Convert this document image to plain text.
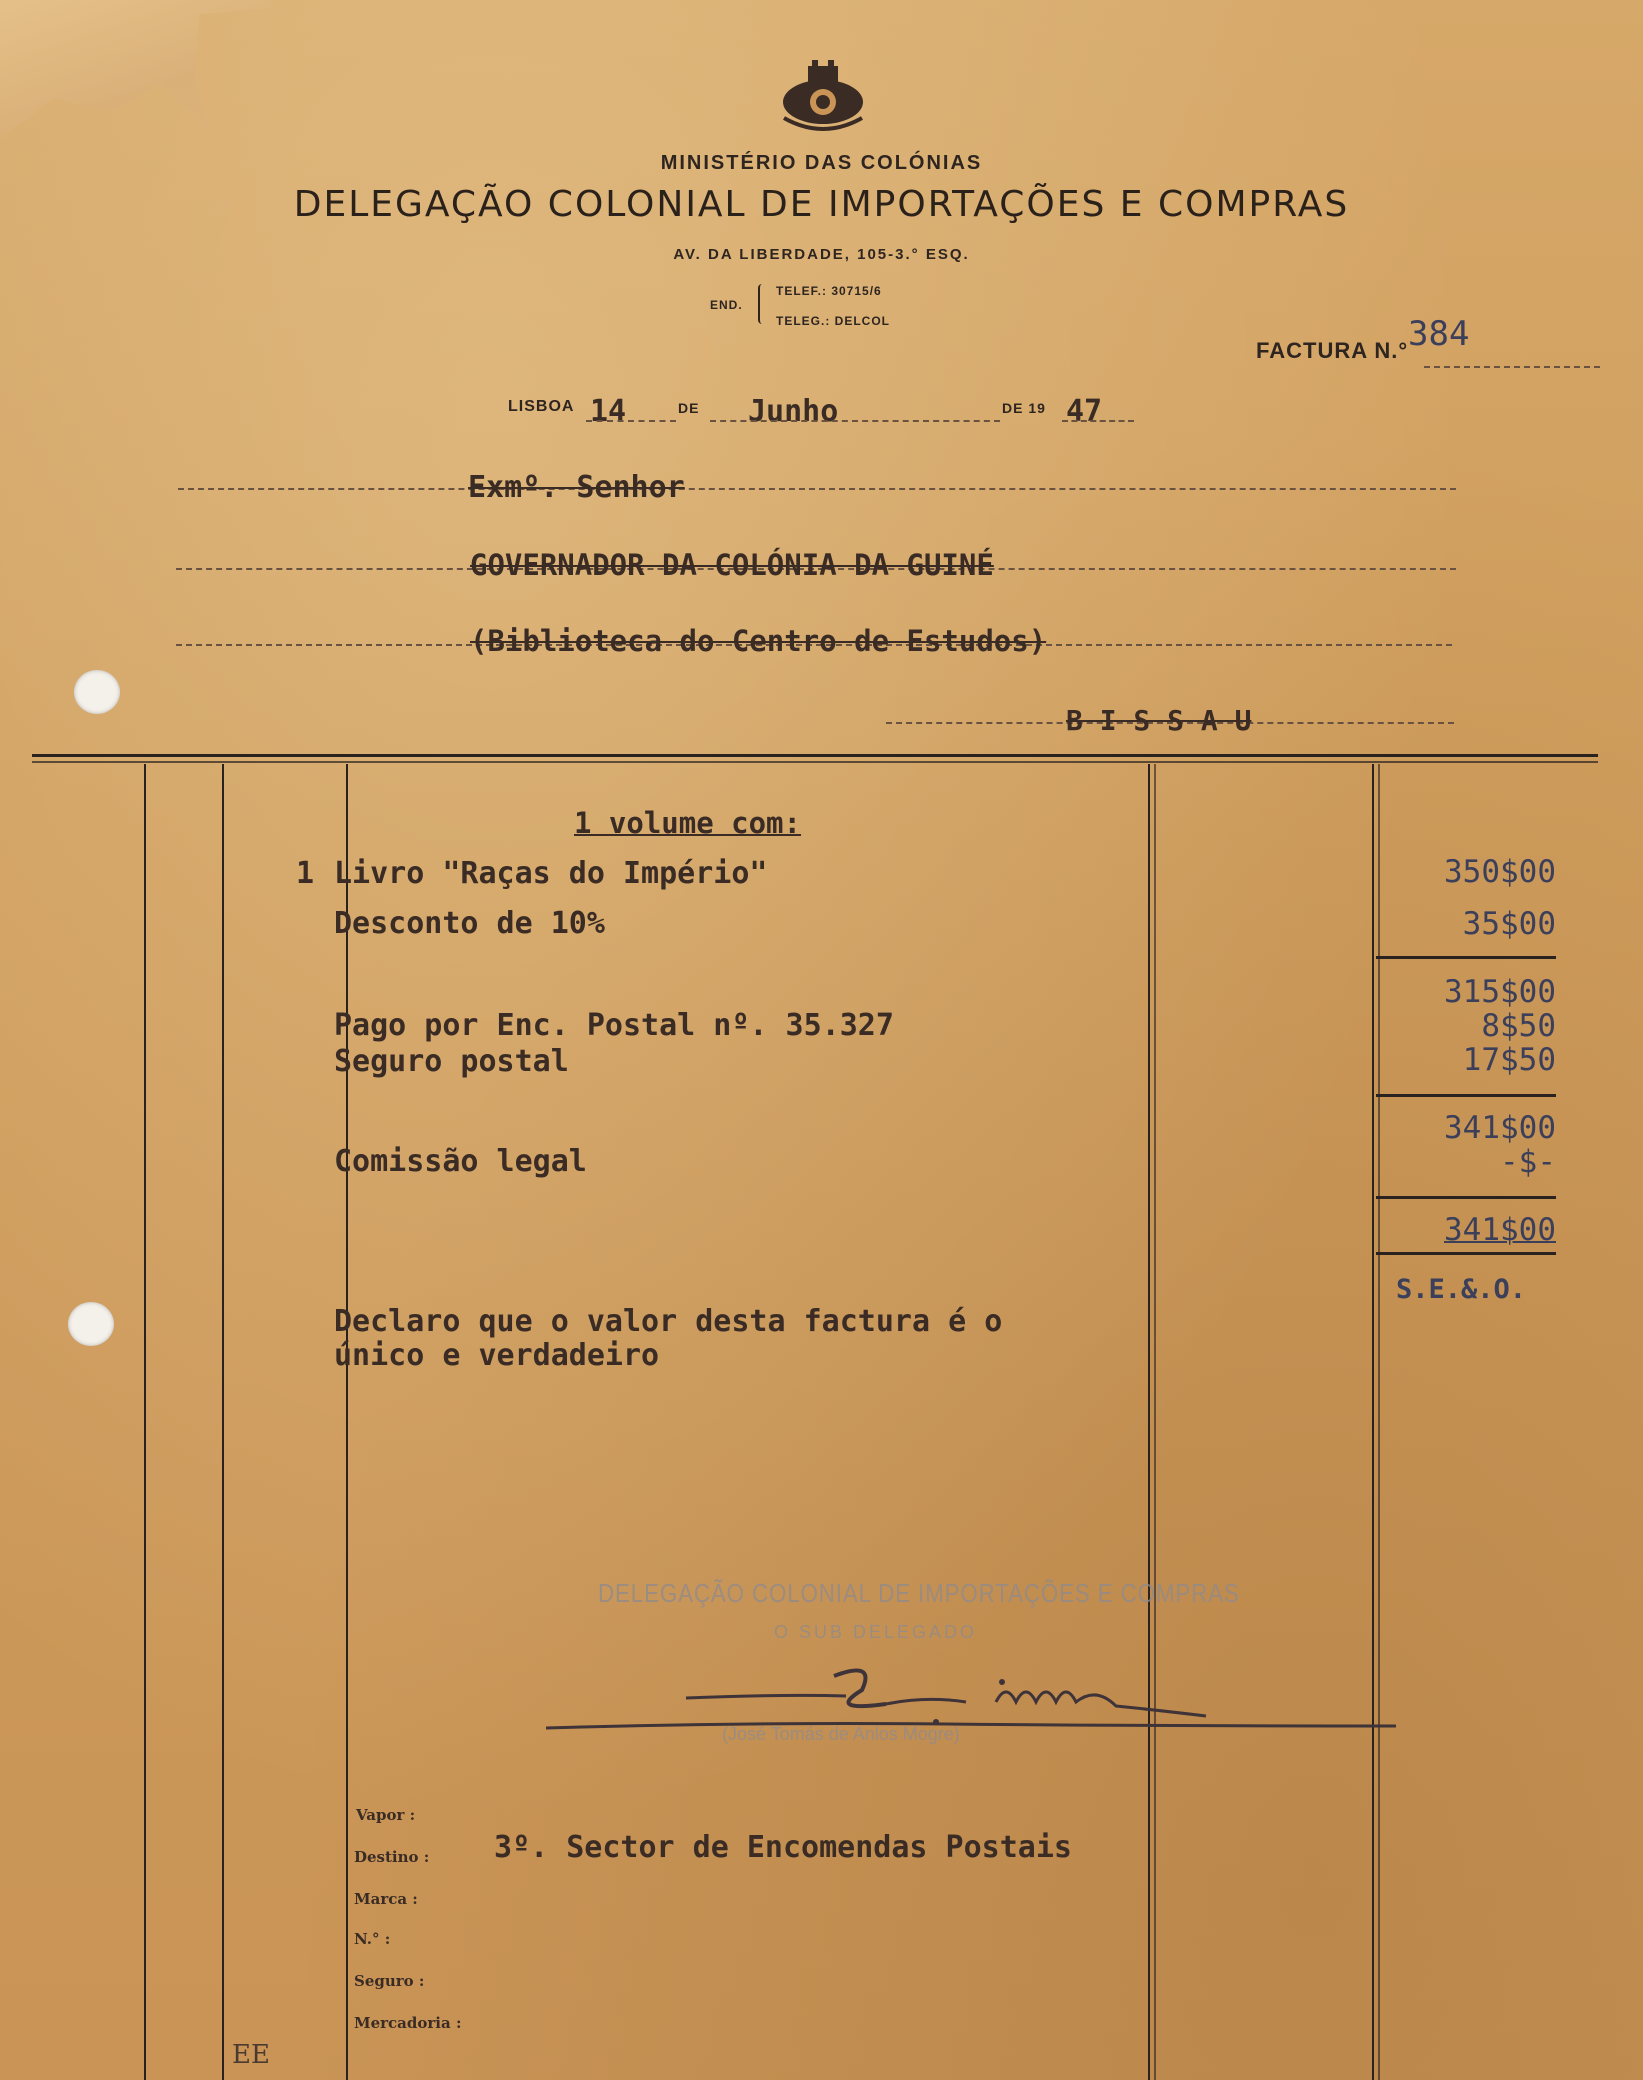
MINISTÉRIO DAS COLÓNIAS
DELEGAÇÃO COLONIAL DE IMPORTAÇÕES E COMPRAS
AV. DA LIBERDADE, 105-3.° ESQ.
END.
TELEF.: 30715/6
TELEG.: DELCOL
FACTURA N.° 384
LISBOA 14	DE Junho	DE 19 47
Exmº. Senhor
GOVERNADOR DA COLÓNIA DA GUINÉ
(Biblioteca do Centro de Estudos)
B I S S A U
1 volume com:
1 Livro "Raças do Império"
Desconto de 10%
Pago por Enc. Postal nº. 35.327
Seguro postal
Comissão legal
Declaro que o valor desta factura é o
único e verdadeiro
350$00
35$00
315$00
8$50
17$50
341$00
-$-
341$00
S.E.&.O.
DELEGAÇÃO COLONIAL DE IMPORTAÇÕES E COMPRAS
O SUB DELEGADO
(José Tomás de Anlos Mogre)
Vapor :
Destino :
Marca :
N.° :
Seguro :
Mercadoria :
3º. Sector de Encomendas Postais
EE
